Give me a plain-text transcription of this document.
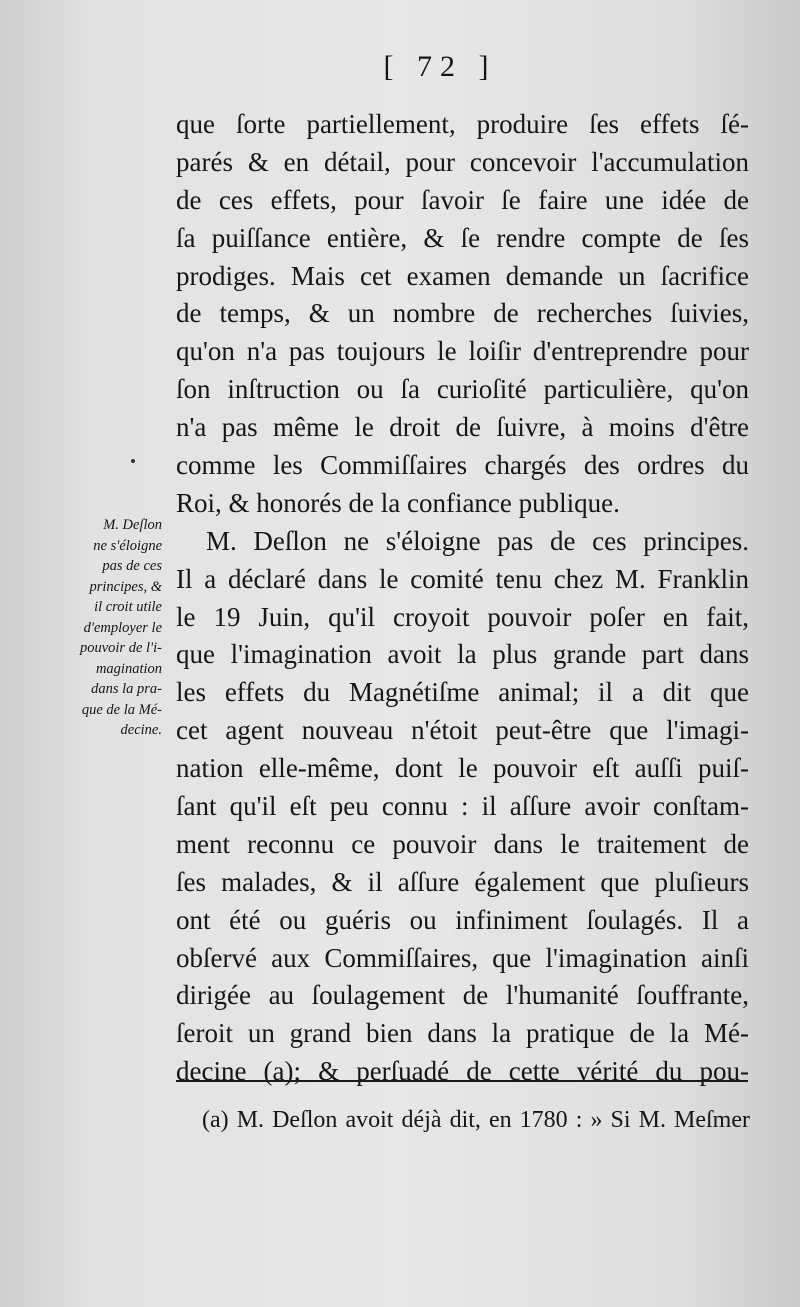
[ 72 ]
que ſorte partiellement, produire ſes effets ſé-
parés & en détail, pour concevoir l'accumulation
de ces effets, pour ſavoir ſe faire une idée de
ſa puiſſance entière, & ſe rendre compte de ſes
prodiges. Mais cet examen demande un ſacrifice
de temps, & un nombre de recherches ſuivies,
qu'on n'a pas toujours le loiſir d'entreprendre pour
ſon inſtruction ou ſa curioſité particulière, qu'on
n'a pas même le droit de ſuivre, à moins d'être
comme les Commiſſaires chargés des ordres du
Roi, & honorés de la confiance publique.
M. Deſlon ne s'éloigne pas de ces principes.
Il a déclaré dans le comité tenu chez M. Franklin
le 19 Juin, qu'il croyoit pouvoir poſer en fait,
que l'imagination avoit la plus grande part dans
les effets du Magnétiſme animal; il a dit que
cet agent nouveau n'étoit peut-être que l'imagi-
nation elle-même, dont le pouvoir eſt auſſi puiſ-
ſant qu'il eſt peu connu : il aſſure avoir conſtam-
ment reconnu ce pouvoir dans le traitement de
ſes malades, & il aſſure également que pluſieurs
ont été ou guéris ou infiniment ſoulagés. Il a
obſervé aux Commiſſaires, que l'imagination ainſi
dirigée au ſoulagement de l'humanité ſouffrante,
ſeroit un grand bien dans la pratique de la Mé-
decine (a); & perſuadé de cette vérité du pou-
M. Deſlon
ne s'éloigne
pas de ces
principes, &
il croit utile
d'employer le
pouvoir de l'i-
magination
dans la pra-
que de la Mé-
decine.
(a) M. Deſlon avoit déjà dit, en 1780 : » Si M. Meſmer
